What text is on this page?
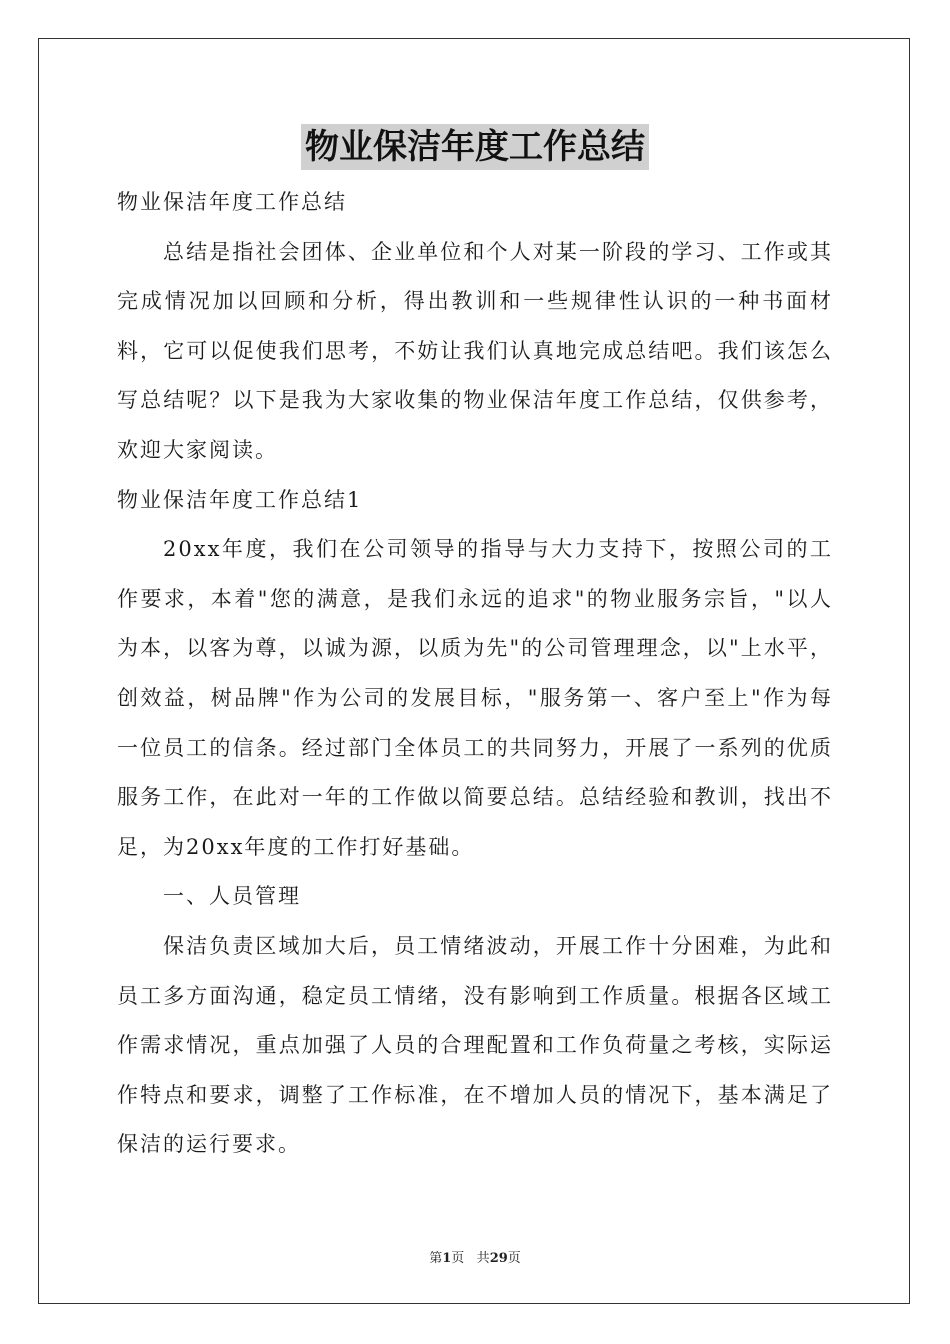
物业保洁年度工作总结

物业保洁年度工作总结

总结是指社会团体、企业单位和个人对某一阶段的学习、工作或其完成情况加以回顾和分析，得出教训和一些规律性认识的一种书面材料，它可以促使我们思考，不妨让我们认真地完成总结吧。我们该怎么写总结呢？以下是我为大家收集的物业保洁年度工作总结，仅供参考，欢迎大家阅读。

物业保洁年度工作总结1

20xx年度，我们在公司领导的指导与大力支持下，按照公司的工作要求，本着"您的满意，是我们永远的追求"的物业服务宗旨，"以人为本，以客为尊，以诚为源，以质为先"的公司管理理念，以"上水平，创效益，树品牌"作为公司的发展目标，"服务第一、客户至上"作为每一位员工的信条。经过部门全体员工的共同努力，开展了一系列的优质服务工作，在此对一年的工作做以简要总结。总结经验和教训，找出不足，为20xx年度的工作打好基础。

一、人员管理

保洁负责区域加大后，员工情绪波动，开展工作十分困难，为此和员工多方面沟通，稳定员工情绪，没有影响到工作质量。根据各区域工作需求情况，重点加强了人员的合理配置和工作负荷量之考核，实际运作特点和要求，调整了工作标准，在不增加人员的情况下，基本满足了保洁的运行要求。

第1页 共29页
